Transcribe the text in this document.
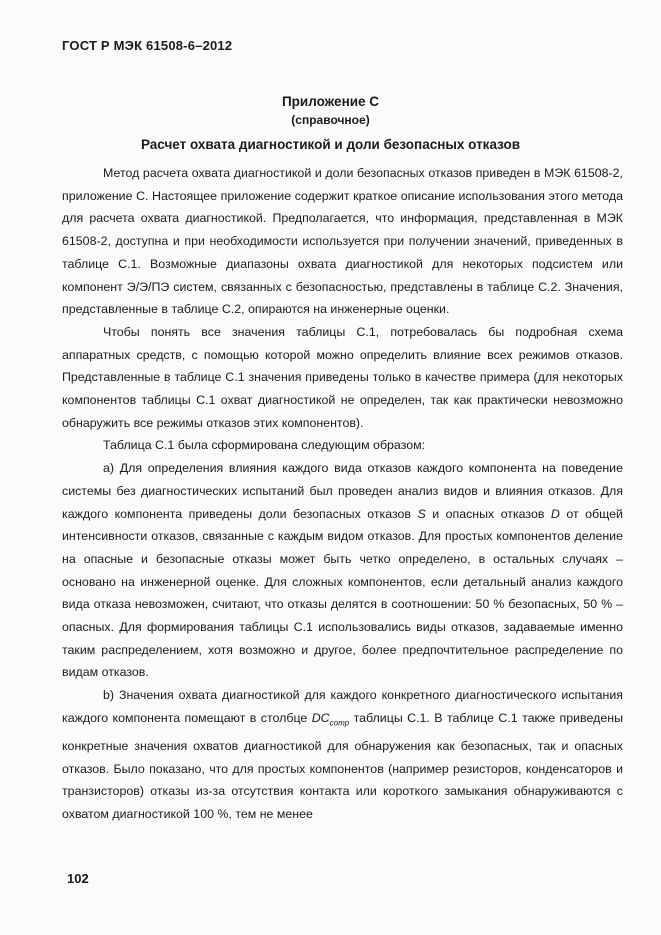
ГОСТ Р МЭК 61508-6–2012
Приложение C
(справочное)
Расчет охвата диагностикой и доли безопасных отказов

Метод расчета охвата диагностикой и доли безопасных отказов приведен в МЭК 61508-2, приложение C. Настоящее приложение содержит краткое описание использования этого метода для расчета охвата диагностикой. Предполагается, что информация, представленная в МЭК 61508-2, доступна и при необходимости используется при получении значений, приведенных в таблице C.1. Возможные диапазоны охвата диагностикой для некоторых подсистем или компонент Э/Э/ПЭ систем, связанных с безопасностью, представлены в таблице C.2. Значения, представленные в таблице C.2, опираются на инженерные оценки.

Чтобы понять все значения таблицы C.1, потребовалась бы подробная схема аппаратных средств, с помощью которой можно определить влияние всех режимов отказов. Представленные в таблице C.1 значения приведены только в качестве примера (для некоторых компонентов таблицы C.1 охват диагностикой не определен, так как практически невозможно обнаружить все режимы отказов этих компонентов).

Таблица C.1 была сформирована следующим образом:

а) Для определения влияния каждого вида отказов каждого компонента на поведение системы без диагностических испытаний был проведен анализ видов и влияния отказов. Для каждого компонента приведены доли безопасных отказов S и опасных отказов D от общей интенсивности отказов, связанные с каждым видом отказов. Для простых компонентов деление на опасные и безопасные отказы может быть четко определено, в остальных случаях – основано на инженерной оценке. Для сложных компонентов, если детальный анализ каждого вида отказа невозможен, считают, что отказы делятся в соотношении: 50 % безопасных, 50 % – опасных. Для формирования таблицы C.1 использовались виды отказов, задаваемые именно таким распределением, хотя возможно и другое, более предпочтительное распределение по видам отказов.

b) Значения охвата диагностикой для каждого конкретного диагностического испытания каждого компонента помещают в столбце $DC_{comp}$ таблицы C.1. В таблице C.1 также приведены конкретные значения охватов диагностикой для обнаружения как безопасных, так и опасных отказов. Было показано, что для простых компонентов (например резисторов, конденсаторов и транзисторов) отказы из-за отсутствия контакта или короткого замыкания обнаруживаются с охватом диагностикой 100 %, тем не менее

102
